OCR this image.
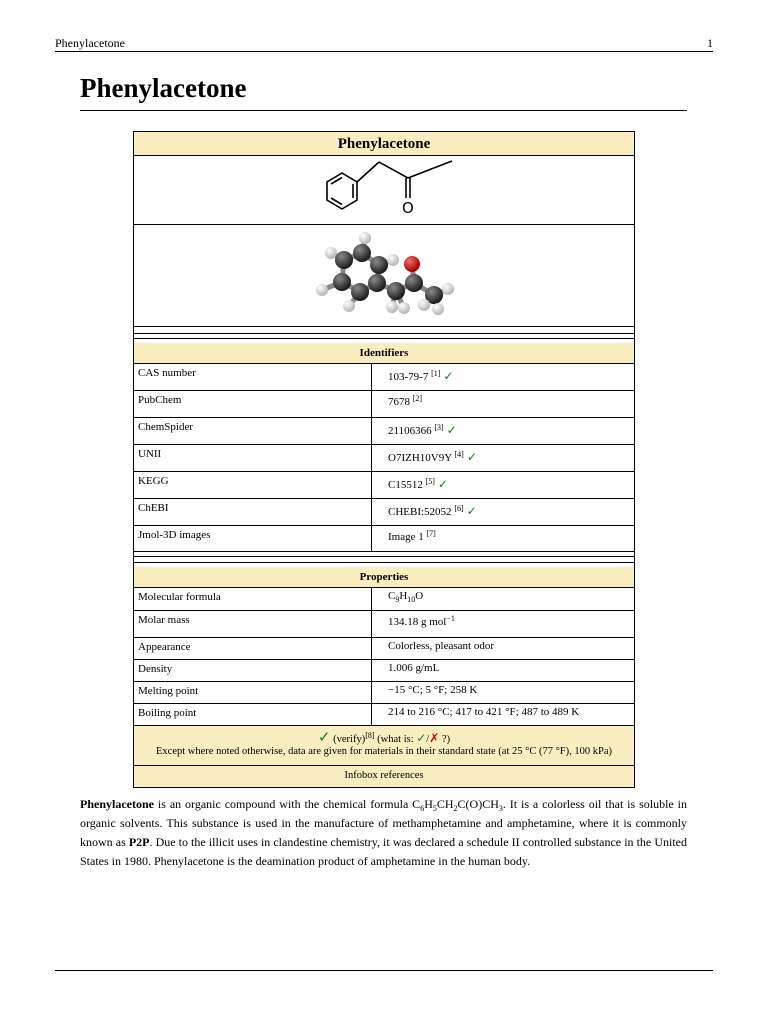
Phenylacetone	1
Phenylacetone
Phenylacetone
O
Identifiers
CAS number	103-79-7 [1] ✓
PubChem	7678 [2]
ChemSpider	21106366 [3] ✓
UNII	O7IZH10V9Y [4] ✓
KEGG	C15512 [5] ✓
ChEBI	CHEBI:52052 [6] ✓
Jmol-3D images	Image 1 [7]
Properties
Molecular formula	$C_9H_{10}O$
Molar mass	134.18 g mol$^{-1}$
Appearance	Colorless, pleasant odor
Density	1.006 g/mL
Melting point	−15 °C; 5 °F; 258 K
Boiling point	214 to 216 °C; 417 to 421 °F; 487 to 489 K
✓ (verify)[8] (what is: ✓/✗ ?)
Except where noted otherwise, data are given for materials in their standard state (at 25 °C (77 °F), 100 kPa)
Infobox references

Phenylacetone is an organic compound with the chemical formula $C_6H_5CH_2C(O)CH_3$. It is a colorless oil that is soluble in organic solvents. This substance is used in the manufacture of methamphetamine and amphetamine, where it is commonly known as P2P. Due to the illicit uses in clandestine chemistry, it was declared a schedule II controlled substance in the United States in 1980. Phenylacetone is the deamination product of amphetamine in the human body.
